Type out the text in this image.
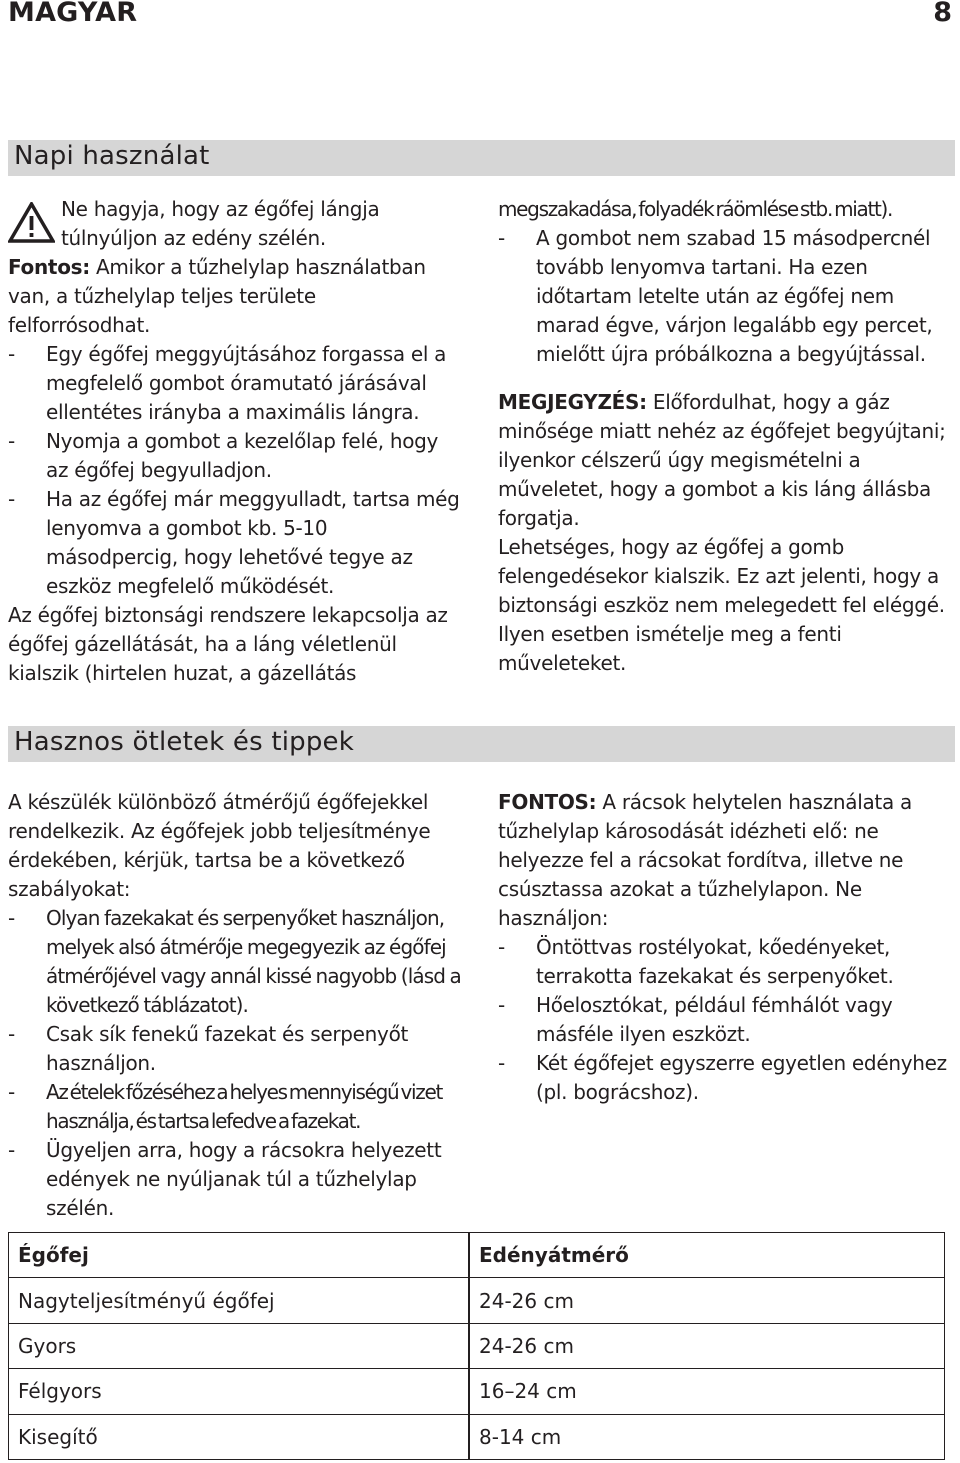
MAGYAR	8
Napi használat

Ne hagyja, hogy az égőfej lángja túlnyúljon az edény szélén.

Fontos: Amikor a tűzhelylap használatban van, a tűzhelylap teljes területe felforrósodhat.

- Egy égőfej meggyújtásához forgassa el a megfelelő gombot óramutató járásával ellentétes irányba a maximális lángra.

- Nyomja a gombot a kezelőlap felé, hogy az égőfej begyulladjon.

- Ha az égőfej már meggyulladt, tartsa még lenyomva a gombot kb. 5-10 másodpercig, hogy lehetővé tegye az eszköz megfelelő működését.

Az égőfej biztonsági rendszere lekapcsolja az égőfej gázellátását, ha a láng véletlenül kialszik (hirtelen huzat, a gázellátás

megszakadása, folyadék ráömlése stb. miatt).

- A gombot nem szabad 15 másodpercnél tovább lenyomva tartani. Ha ezen időtartam letelte után az égőfej nem marad égve, várjon legalább egy percet, mielőtt újra próbálkozna a begyújtással.

MEGJEGYZÉS: Előfordulhat, hogy a gáz minősége miatt nehéz az égőfejet begyújtani; ilyenkor célszerű úgy megismételni a műveletet, hogy a gombot a kis láng állásba forgatja.

Lehetséges, hogy az égőfej a gomb felengedésekor kialszik. Ez azt jelenti, hogy a biztonsági eszköz nem melegedett fel eléggé. Ilyen esetben ismételje meg a fenti műveleteket.

Hasznos ötletek és tippek

A készülék különböző átmérőjű égőfejekkel rendelkezik. Az égőfejek jobb teljesítménye érdekében, kérjük, tartsa be a következő szabályokat:

- Olyan fazekakat és serpenyőket használjon, melyek alsó átmérője megegyezik az égőfej átmérőjével vagy annál kissé nagyobb (lásd a következő táblázatot).

- Csak sík fenekű fazekat és serpenyőt használjon.

- Az ételek főzéséhez a helyes mennyiségű vizet használja, és tartsa lefedve a fazekat.

- Ügyeljen arra, hogy a rácsokra helyezett edények ne nyúljanak túl a tűzhelylap szélén.

FONTOS: A rácsok helytelen használata a tűzhelylap károsodását idézheti elő: ne helyezze fel a rácsokat fordítva, illetve ne csúsztassa azokat a tűzhelylapon. Ne használjon:

- Öntöttvas rostélyokat, kőedényeket, terrakotta fazekakat és serpenyőket.

- Hőelosztókat, például fémhálót vagy másféle ilyen eszközt.

- Két égőfejet egyszerre egyetlen edényhez (pl. bográcshoz).

Égőfej		Edényátmérő
Nagyteljesítményű égőfej		24-26 cm
Gyors		24-26 cm
Félgyors		16–24 cm
Kisegítő		8-14 cm
